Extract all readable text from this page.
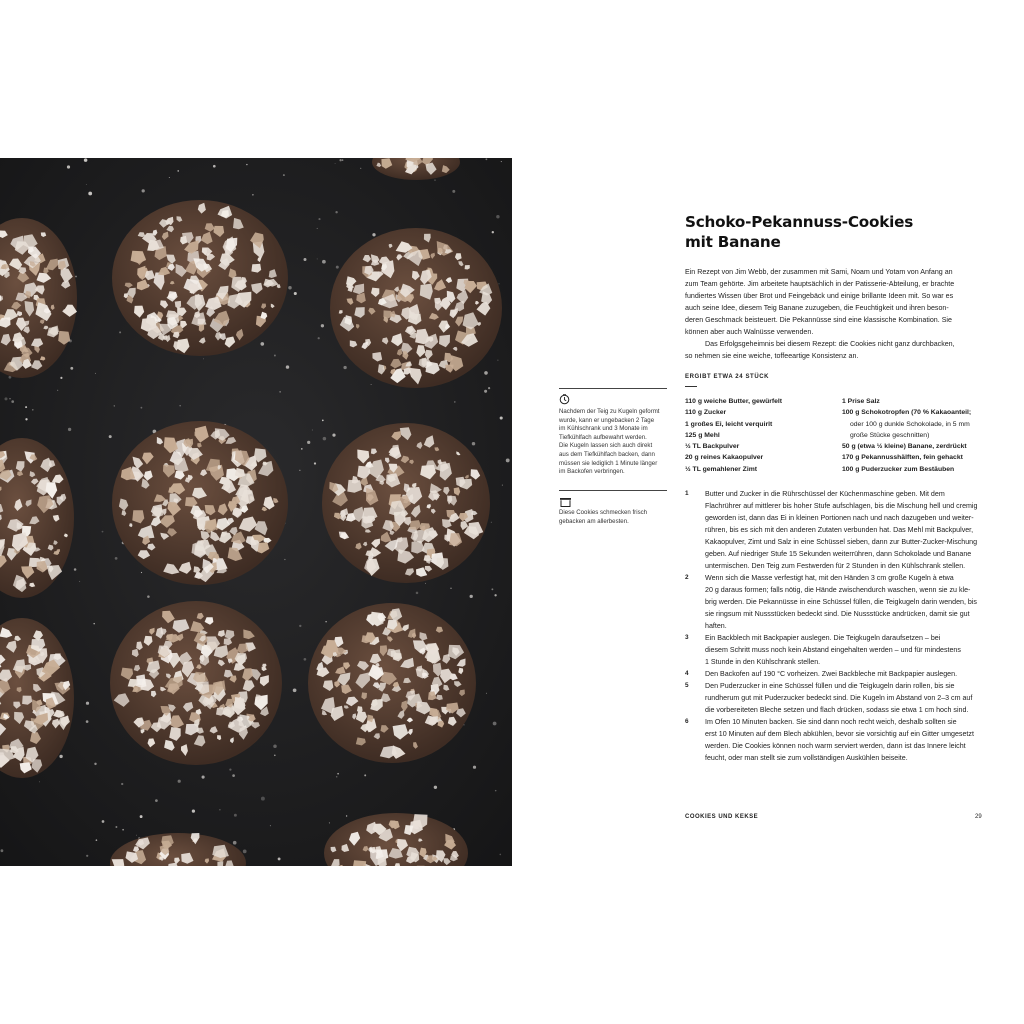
Nachdem der Teig zu Kugeln geformt
wurde, kann er ungebacken 2 Tage
im Kühlschrank und 3 Monate im
Tiefkühlfach aufbewahrt werden.
Die Kugeln lassen sich auch direkt
aus dem Tiefkühlfach backen, dann
müssen sie lediglich 1 Minute länger
im Backofen verbringen.
Diese Cookies schmecken frisch
gebacken am allerbesten.
Schoko-Pekannuss-Cookies
mit Banane

Ein Rezept von Jim Webb, der zusammen mit Sami, Noam und Yotam von Anfang an

zum Team gehörte. Jim arbeitete hauptsächlich in der Patisserie-Abteilung, er brachte

fundiertes Wissen über Brot und Feingebäck und einige brillante Ideen mit. So war es

auch seine Idee, diesem Teig Banane zuzugeben, die Feuchtigkeit und ihren beson-

deren Geschmack beisteuert. Die Pekannüsse sind eine klassische Kombination. Sie

können aber auch Walnüsse verwenden.

Das Erfolgsgeheimnis bei diesem Rezept: die Cookies nicht ganz durchbacken,

so nehmen sie eine weiche, toffeeartige Konsistenz an.

ERGIBT ETWA 24 STÜCK
110 g weiche Butter, gewürfelt
110 g Zucker
1 großes Ei, leicht verquirlt
125 g Mehl
½ TL Backpulver
20 g reines Kakaopulver
½ TL gemahlener Zimt
1 Prise Salz
100 g Schokotropfen (70 % Kakaoanteil;
oder 100 g dunkle Schokolade, in 5 mm
große Stücke geschnitten)
50 g (etwa ½ kleine) Banane, zerdrückt
170 g Pekannusshälften, fein gehackt
100 g Puderzucker zum Bestäuben
1	Butter und Zucker in die Rührschüssel der Küchenmaschine geben. Mit dem
Flachrührer auf mittlerer bis hoher Stufe aufschlagen, bis die Mischung hell und cremig
geworden ist, dann das Ei in kleinen Portionen nach und nach dazugeben und weiter-
rühren, bis es sich mit den anderen Zutaten verbunden hat. Das Mehl mit Backpulver,
Kakaopulver, Zimt und Salz in eine Schüssel sieben, dann zur Butter-Zucker-Mischung
geben. Auf niedriger Stufe 15 Sekunden weiterrühren, dann Schokolade und Banane
untermischen. Den Teig zum Festwerden für 2 Stunden in den Kühlschrank stellen.
2	Wenn sich die Masse verfestigt hat, mit den Händen 3 cm große Kugeln à etwa
20 g daraus formen; falls nötig, die Hände zwischendurch waschen, wenn sie zu kle-
brig werden. Die Pekannüsse in eine Schüssel füllen, die Teigkugeln darin wenden, bis
sie ringsum mit Nussstücken bedeckt sind. Die Nussstücke andrücken, damit sie gut
haften.
3	Ein Backblech mit Backpapier auslegen. Die Teigkugeln daraufsetzen – bei
diesem Schritt muss noch kein Abstand eingehalten werden – und für mindestens
1 Stunde in den Kühlschrank stellen.
4	Den Backofen auf 190 °C vorheizen. Zwei Backbleche mit Backpapier auslegen.
5	Den Puderzucker in eine Schüssel füllen und die Teigkugeln darin rollen, bis sie
rundherum gut mit Puderzucker bedeckt sind. Die Kugeln im Abstand von 2–3 cm auf
die vorbereiteten Bleche setzen und flach drücken, sodass sie etwa 1 cm hoch sind.
6	Im Ofen 10 Minuten backen. Sie sind dann noch recht weich, deshalb sollten sie
erst 10 Minuten auf dem Blech abkühlen, bevor sie vorsichtig auf ein Gitter umgesetzt
werden. Die Cookies können noch warm serviert werden, dann ist das Innere leicht
feucht, oder man stellt sie zum vollständigen Auskühlen beiseite.
COOKIES UND KEKSE	29
